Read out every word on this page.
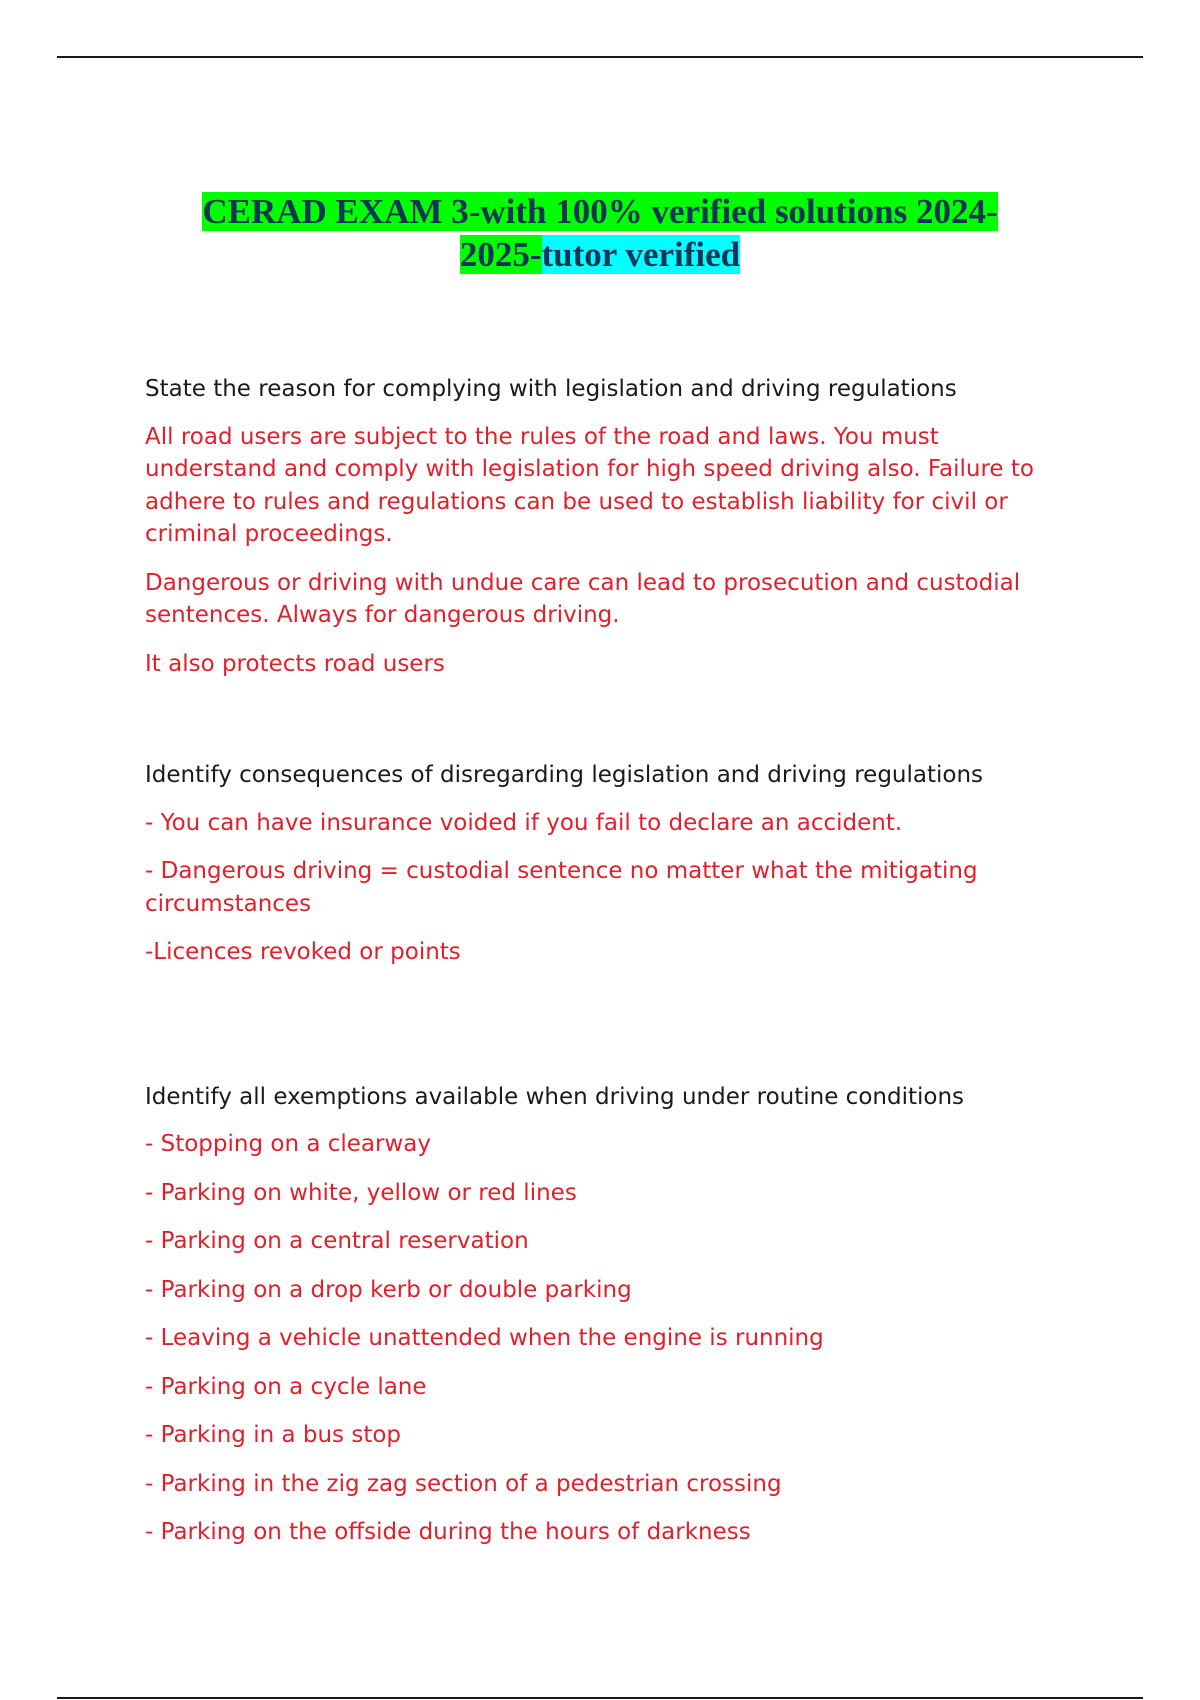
CERAD EXAM 3-with 100% verified solutions 2024-
2025-tutor verified

State the reason for complying with legislation and driving regulations

All road users are subject to the rules of the road and laws. You must understand and comply with legislation for high speed driving also. Failure to adhere to rules and regulations can be used to establish liability for civil or criminal proceedings.

Dangerous or driving with undue care can lead to prosecution and custodial sentences. Always for dangerous driving.

It also protects road users

Identify consequences of disregarding legislation and driving regulations

- You can have insurance voided if you fail to declare an accident.

- Dangerous driving = custodial sentence no matter what the mitigating circumstances

-Licences revoked or points

Identify all exemptions available when driving under routine conditions

- Stopping on a clearway

- Parking on white, yellow or red lines

- Parking on a central reservation

- Parking on a drop kerb or double parking

- Leaving a vehicle unattended when the engine is running

- Parking on a cycle lane

- Parking in a bus stop

- Parking in the zig zag section of a pedestrian crossing

- Parking on the offside during the hours of darkness
